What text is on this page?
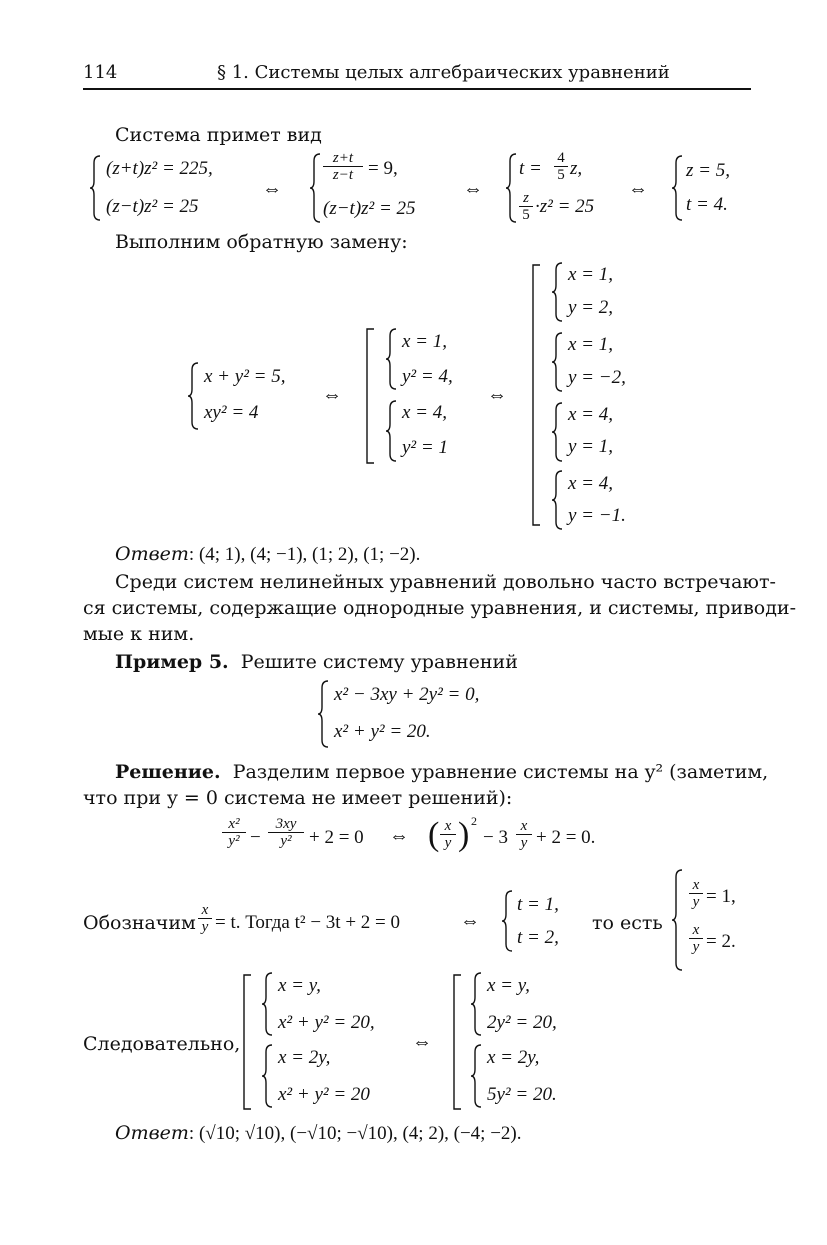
114	§ 1. Системы целых алгебраических уравнений
Система примет вид
(z+t)z² = 225,
(z−t)z² = 25
⇔
z+t
z−t = 9,
(z−t)z² = 25
⇔
t = 4
5 z,
z
5 ·z² = 25
⇔
z = 5,
t = 4.
Выполним обратную замену:
x + y² = 5,
xy² = 4
⇔
x = 1,
y² = 4,
x = 4,
y² = 1
⇔
x = 1,
y = 2,
x = 1,
y = −2,
x = 4,
y = 1,
x = 4,
y = −1.
Ответ: (4; 1), (4; −1), (1; 2), (1; −2).
Среди систем нелинейных уравнений довольно часто встречают-
ся системы, содержащие однородные уравнения, и системы, приводи-
мые к ним.
Пример 5. Решите систему уравнений
x² − 3xy + 2y² = 0,
x² + y² = 20.
Решение. Разделим первое уравнение системы на y² (заметим,
что при y = 0 система не имеет решений):
x²
y² −
3xy
y² + 2 = 0 ⇔ ( x
y ) 2
− 3
x
y + 2 = 0.
Обозначим
x
y = t. Тогда t² − 3t + 2 = 0	⇔
t = 1,
t = 2,
то есть
x
y = 1,
x
y = 2.
Следовательно,
x = y,
x² + y² = 20,
x = 2y,
x² + y² = 20
⇔
x = y,
2y² = 20,
x = 2y,
5y² = 20.
Ответ: (√10; √10), (−√10; −√10), (4; 2), (−4; −2).
